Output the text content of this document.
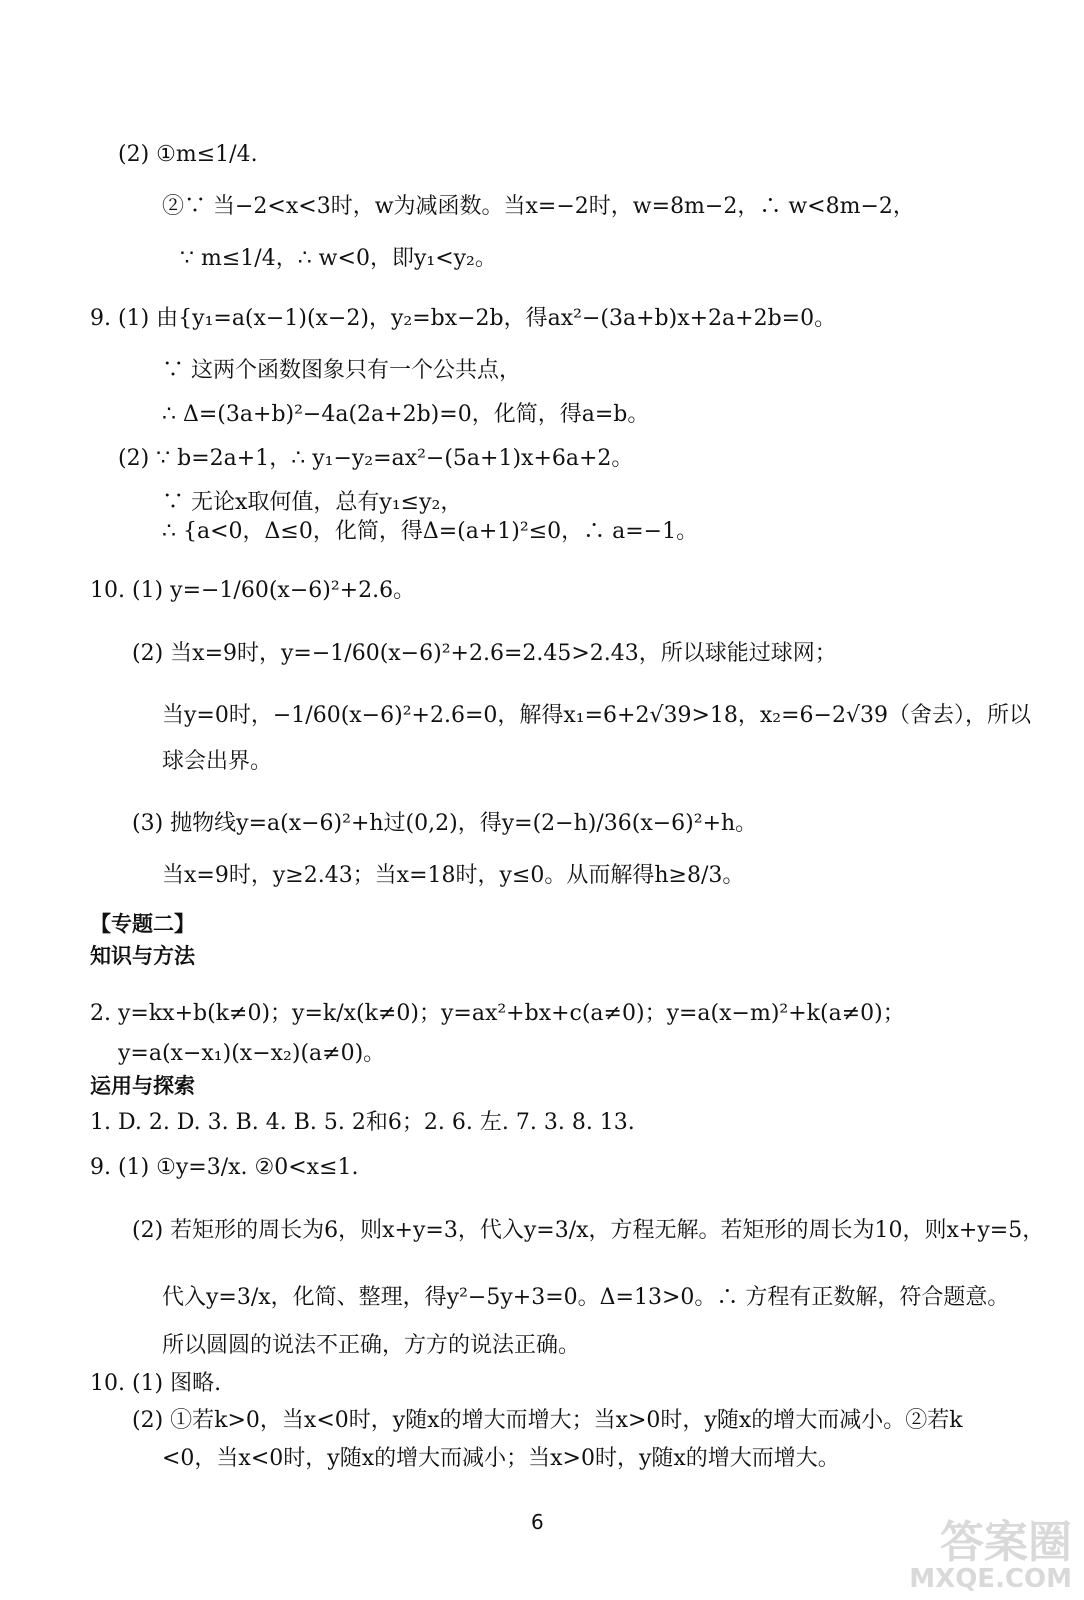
(2) ①m≤1/4.
②∵ 当−2<x<3时，w为减函数。当x=−2时，w=8m−2，∴ w<8m−2，
∵ m≤1/4，∴ w<0，即y₁<y₂。
9. (1) 由{y₁=a(x−1)(x−2)，y₂=bx−2b，得ax²−(3a+b)x+2a+2b=0。
∵ 这两个函数图象只有一个公共点，
∴ Δ=(3a+b)²−4a(2a+2b)=0，化简，得a=b。
(2) ∵ b=2a+1，∴ y₁−y₂=ax²−(5a+1)x+6a+2。
∵ 无论x取何值，总有y₁≤y₂，
∴ {a<0，Δ≤0，化简，得Δ=(a+1)²≤0，∴ a=−1。
10. (1) y=−1/60(x−6)²+2.6。
(2) 当x=9时，y=−1/60(x−6)²+2.6=2.45>2.43，所以球能过球网；
当y=0时，−1/60(x−6)²+2.6=0，解得x₁=6+2√39>18，x₂=6−2√39（舍去），所以
球会出界。
(3) 抛物线y=a(x−6)²+h过(0,2)，得y=(2−h)/36(x−6)²+h。
当x=9时，y≥2.43；当x=18时，y≤0。从而解得h≥8/3。
【专题二】
知识与方法
2. y=kx+b(k≠0)；y=k/x(k≠0)；y=ax²+bx+c(a≠0)；y=a(x−m)²+k(a≠0)；
y=a(x−x₁)(x−x₂)(a≠0)。
运用与探索
1. D. 2. D. 3. B. 4. B. 5. 2和6；2. 6. 左. 7. 3. 8. 13.
9. (1) ①y=3/x. ②0<x≤1.
(2) 若矩形的周长为6，则x+y=3，代入y=3/x，方程无解。若矩形的周长为10，则x+y=5，
代入y=3/x，化简、整理，得y²−5y+3=0。Δ=13>0。∴ 方程有正数解，符合题意。
所以圆圆的说法不正确，方方的说法正确。
10. (1) 图略.
(2) ①若k>0，当x<0时，y随x的增大而增大；当x>0时，y随x的增大而减小。②若k
<0，当x<0时，y随x的增大而减小；当x>0时，y随x的增大而增大。
6	答案圈
MXQE.COM
